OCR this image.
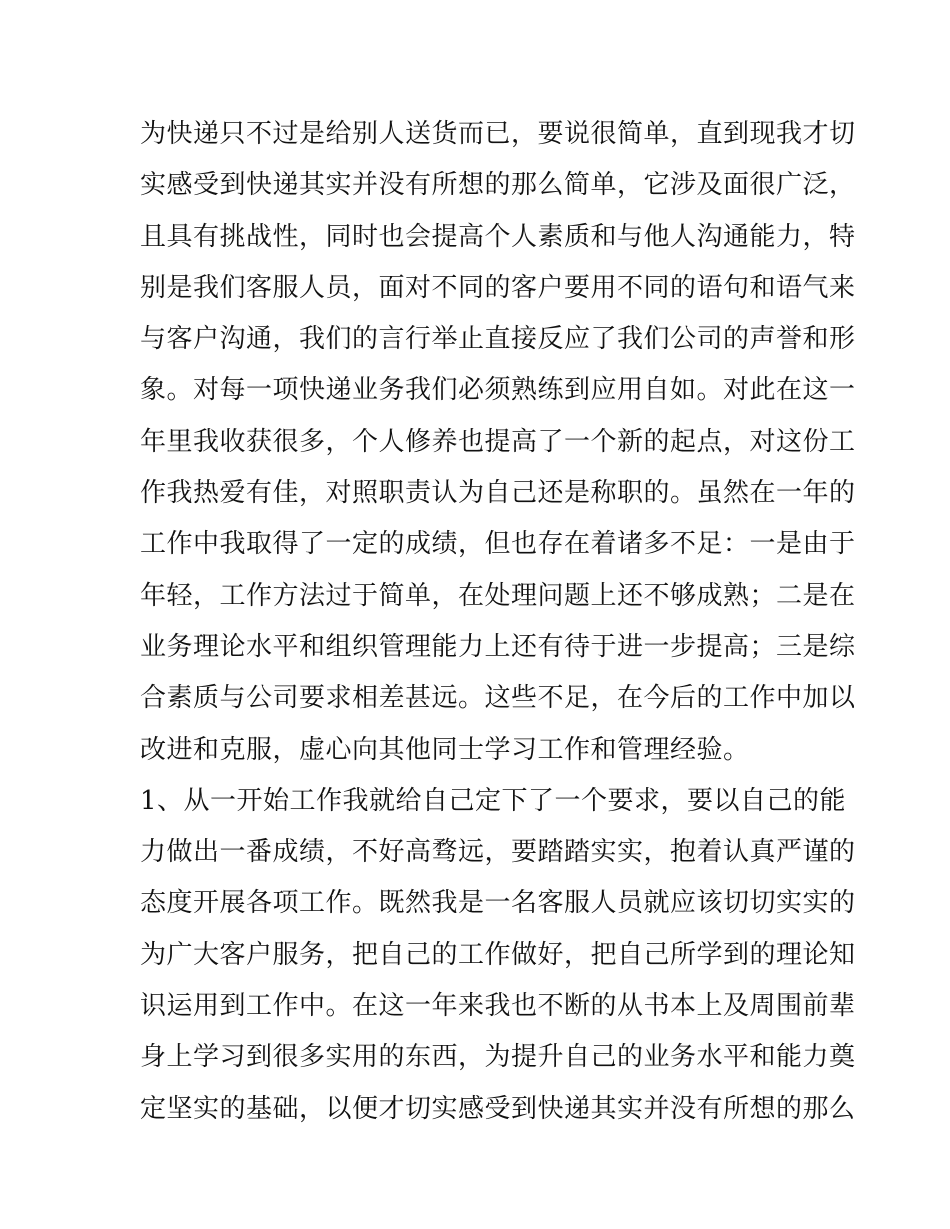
为快递只不过是给别人送货而已，要说很简单，直到现我才切
实感受到快递其实并没有所想的那么简单，它涉及面很广泛，
且具有挑战性，同时也会提高个人素质和与他人沟通能力，特
别是我们客服人员，面对不同的客户要用不同的语句和语气来
与客户沟通，我们的言行举止直接反应了我们公司的声誉和形
象。对每一项快递业务我们必须熟练到应用自如。对此在这一
年里我收获很多，个人修养也提高了一个新的起点，对这份工
作我热爱有佳，对照职责认为自己还是称职的。虽然在一年的
工作中我取得了一定的成绩，但也存在着诸多不足：一是由于
年轻，工作方法过于简单，在处理问题上还不够成熟；二是在
业务理论水平和组织管理能力上还有待于进一步提高；三是综
合素质与公司要求相差甚远。这些不足，在今后的工作中加以
改进和克服，虚心向其他同士学习工作和管理经验。
1、从一开始工作我就给自己定下了一个要求，要以自己的能
力做出一番成绩，不好高骛远，要踏踏实实，抱着认真严谨的
态度开展各项工作。既然我是一名客服人员就应该切切实实的
为广大客户服务，把自己的工作做好，把自己所学到的理论知
识运用到工作中。在这一年来我也不断的从书本上及周围前辈
身上学习到很多实用的东西，为提升自己的业务水平和能力奠
定坚实的基础，以便才切实感受到快递其实并没有所想的那么
